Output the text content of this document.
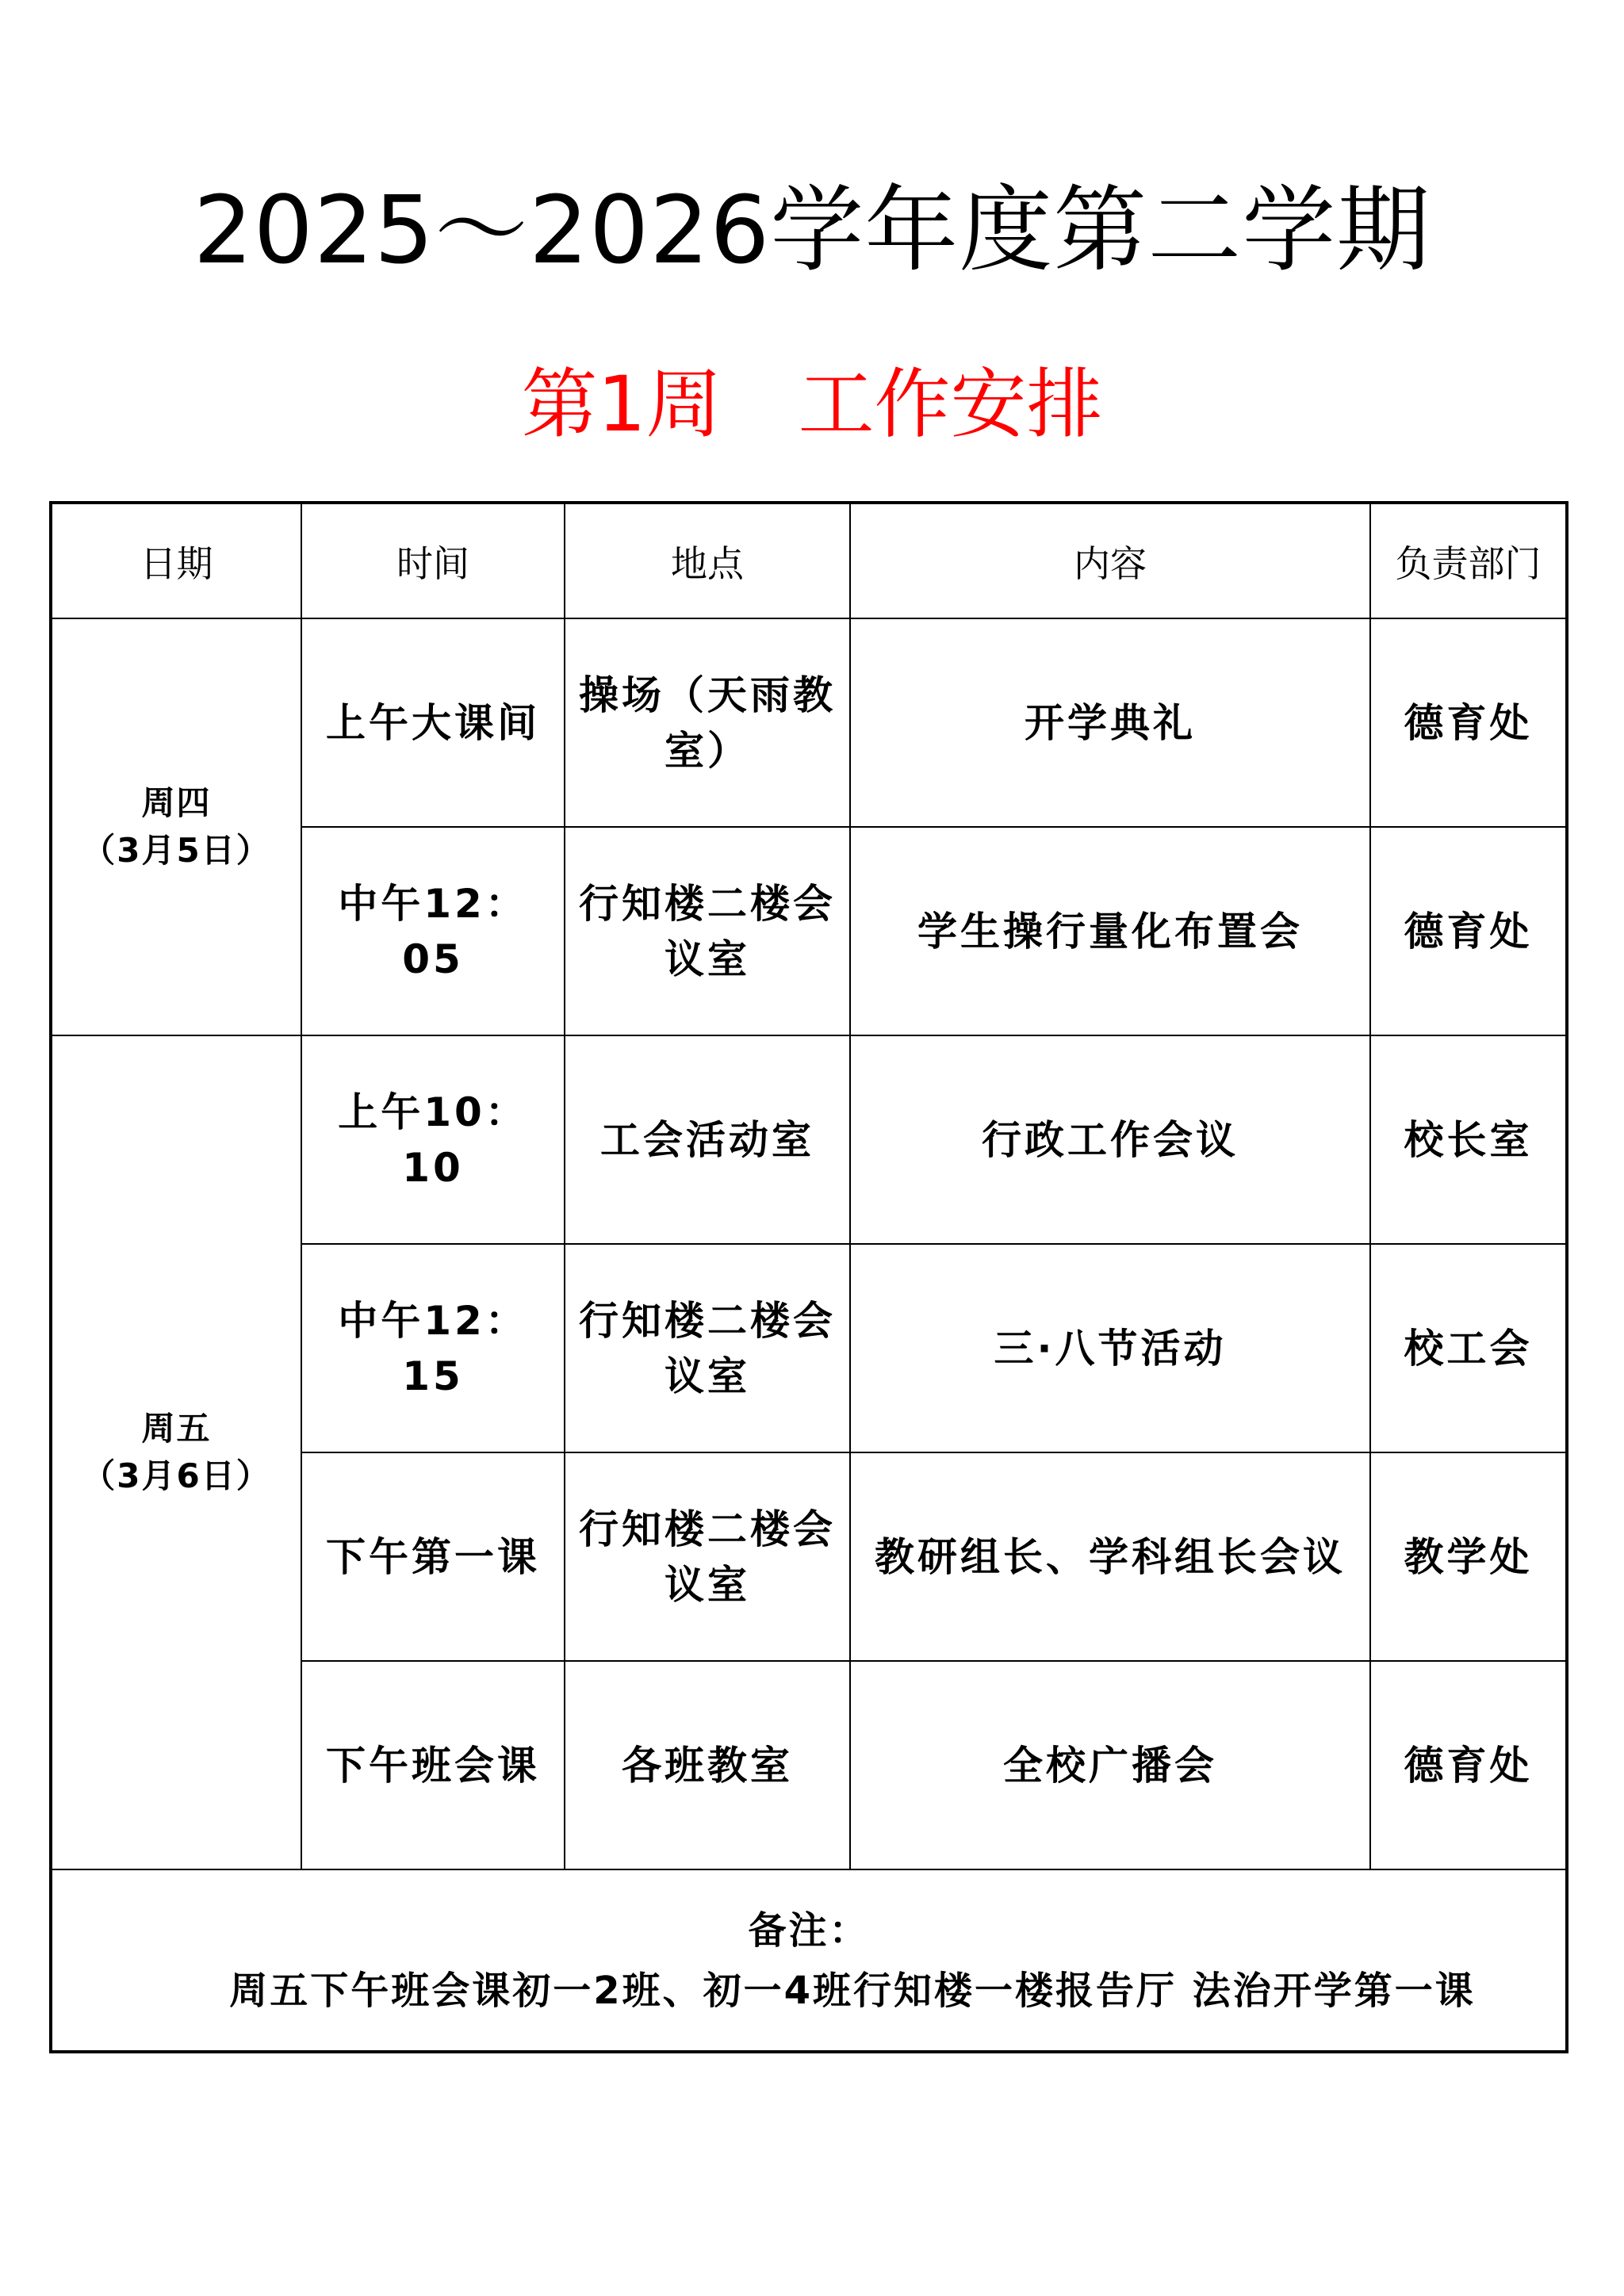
2025～2026学年度第二学期
第1周　工作安排
日期	时间	地点	内容	负责部门

周四
（3月5日）	上午大课间	操场（天雨教室）	开学典礼	德育处
	中午12：05	行知楼二楼会议室	学生操行量化布置会	德育处

周五
（3月6日）	上午10：10	工会活动室	行政工作会议	校长室
	中午12：15	行知楼二楼会议室	三·八节活动	校工会
	下午第一课	行知楼二楼会议室	教研组长、学科组长会议	教学处
	下午班会课	各班教室	全校广播会	德育处

备注：
周五下午班会课初一2班、初一4班行知楼一楼报告厅 法治开学第一课				
